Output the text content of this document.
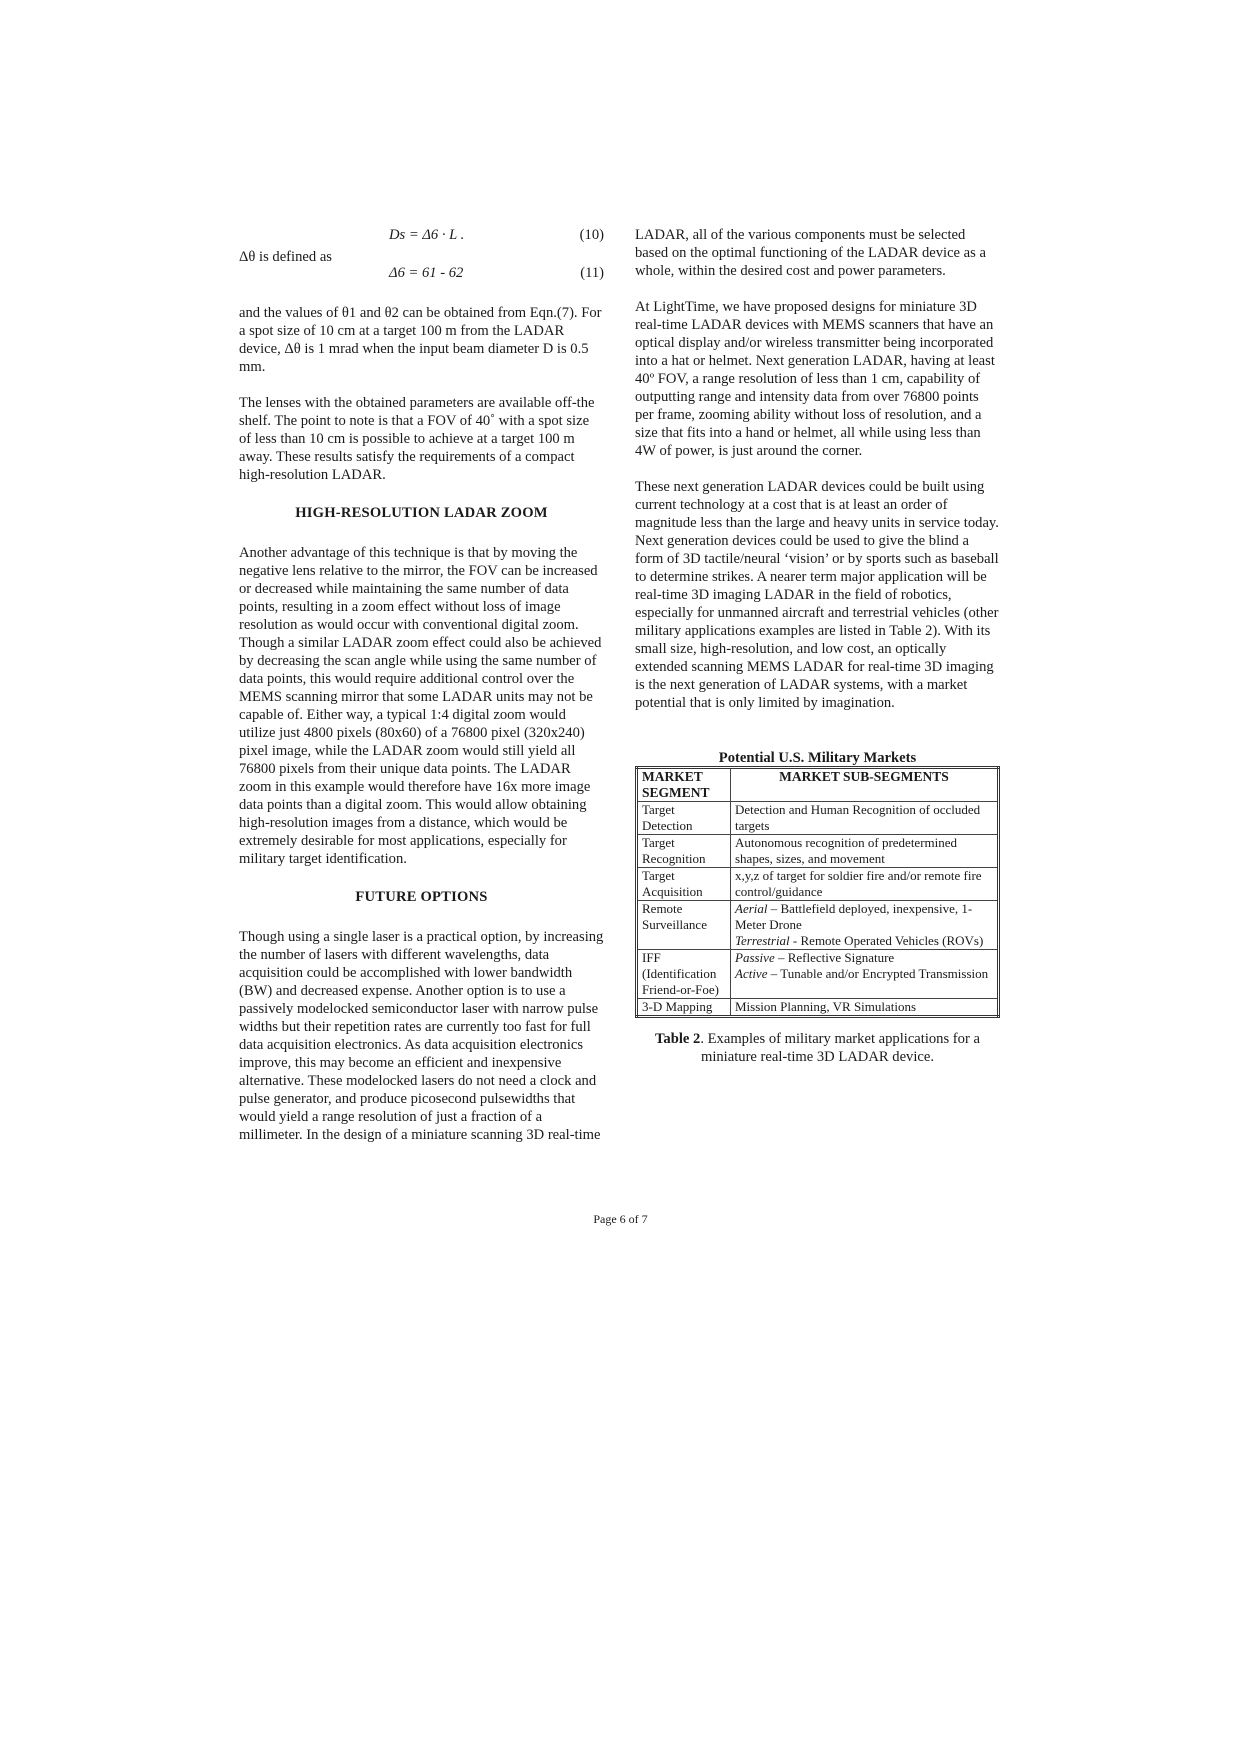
Ds = Δ6 · L .	(10)
Δθ is defined as
Δ6 = 61 - 62	(11)

and the values of θ1 and θ2 can be obtained from Eqn.(7). For a spot size of 10 cm at a target 100 m from the LADAR device, Δθ is 1 mrad when the input beam diameter D is 0.5 mm.

The lenses with the obtained parameters are available off-the shelf. The point to note is that a FOV of 40˚ with a spot size of less than 10 cm is possible to achieve at a target 100 m away. These results satisfy the requirements of a compact high-resolution LADAR.

HIGH-RESOLUTION LADAR ZOOM

Another advantage of this technique is that by moving the negative lens relative to the mirror, the FOV can be increased or decreased while maintaining the same number of data points, resulting in a zoom effect without loss of image resolution as would occur with conventional digital zoom. Though a similar LADAR zoom effect could also be achieved by decreasing the scan angle while using the same number of data points, this would require additional control over the MEMS scanning mirror that some LADAR units may not be capable of. Either way, a typical 1:4 digital zoom would utilize just 4800 pixels (80x60) of a 76800 pixel (320x240) pixel image, while the LADAR zoom would still yield all 76800 pixels from their unique data points. The LADAR zoom in this example would therefore have 16x more image data points than a digital zoom. This would allow obtaining high-resolution images from a distance, which would be extremely desirable for most applications, especially for military target identification.

FUTURE OPTIONS

Though using a single laser is a practical option, by increasing the number of lasers with different wavelengths, data acquisition could be accomplished with lower bandwidth (BW) and decreased expense. Another option is to use a passively modelocked semiconductor laser with narrow pulse widths but their repetition rates are currently too fast for full data acquisition electronics. As data acquisition electronics improve, this may become an efficient and inexpensive alternative. These modelocked lasers do not need a clock and pulse generator, and produce picosecond pulsewidths that would yield a range resolution of just a fraction of a millimeter. In the design of a miniature scanning 3D real-time

LADAR, all of the various components must be selected based on the optimal functioning of the LADAR device as a whole, within the desired cost and power parameters.

At LightTime, we have proposed designs for miniature 3D real-time LADAR devices with MEMS scanners that have an optical display and/or wireless transmitter being incorporated into a hat or helmet. Next generation LADAR, having at least 40º FOV, a range resolution of less than 1 cm, capability of outputting range and intensity data from over 76800 points per frame, zooming ability without loss of resolution, and a size that fits into a hand or helmet, all while using less than 4W of power, is just around the corner.

These next generation LADAR devices could be built using current technology at a cost that is at least an order of magnitude less than the large and heavy units in service today. Next generation devices could be used to give the blind a form of 3D tactile/neural ‘vision’ or by sports such as baseball to determine strikes. A nearer term major application will be real-time 3D imaging LADAR in the field of robotics, especially for unmanned aircraft and terrestrial vehicles (other military applications examples are listed in Table 2). With its small size, high-resolution, and low cost, an optically extended scanning MEMS LADAR for real-time 3D imaging is the next generation of LADAR systems, with a market potential that is only limited by imagination.

Potential U.S. Military Markets
MARKET SEGMENT	MARKET SUB-SEGMENTS
Target Detection	Detection and Human Recognition of occluded targets
Target Recognition	Autonomous recognition of predetermined shapes, sizes, and movement
Target Acquisition	x,y,z of target for soldier fire and/or remote fire control/guidance
Remote Surveillance	Aerial – Battlefield deployed, inexpensive, 1-Meter Drone
Terrestrial - Remote Operated Vehicles (ROVs)
IFF (Identification Friend-or-Foe)	Passive – Reflective Signature
Active – Tunable and/or Encrypted Transmission
3-D Mapping	Mission Planning, VR Simulations
Table 2. Examples of military market applications for a miniature real-time 3D LADAR device.
Page 6 of 7
